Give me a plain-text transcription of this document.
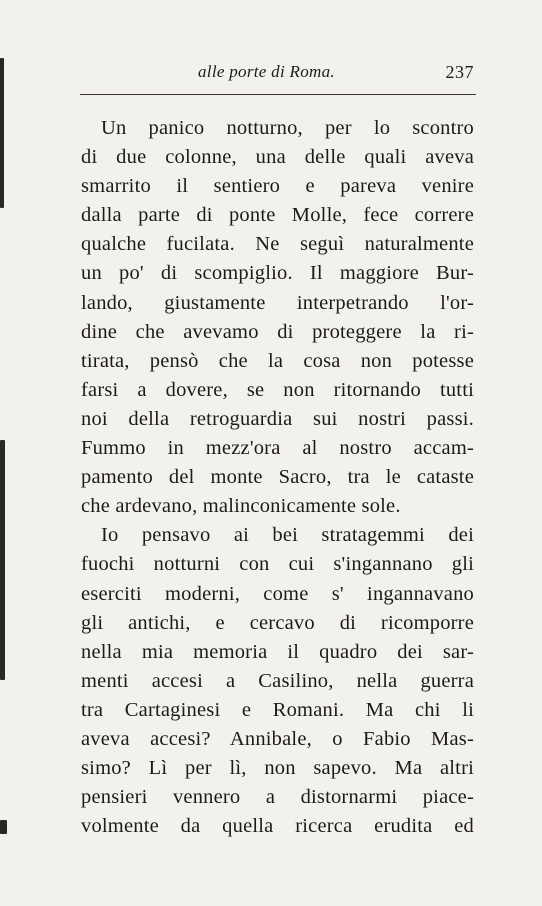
alle porte di Roma.	237
Un panico notturno, per lo scontro
di due colonne, una delle quali aveva
smarrito il sentiero e pareva venire
dalla parte di ponte Molle, fece correre
qualche fucilata. Ne seguì naturalmente
un po' di scompiglio. Il maggiore Bur-
lando, giustamente interpetrando l'or-
dine che avevamo di proteggere la ri-
tirata, pensò che la cosa non potesse
farsi a dovere, se non ritornando tutti
noi della retroguardia sui nostri passi.
Fummo in mezz'ora al nostro accam-
pamento del monte Sacro, tra le cataste
che ardevano, malinconicamente sole.
Io pensavo ai bei stratagemmi dei
fuochi notturni con cui s'ingannano gli
eserciti moderni, come s' ingannavano
gli antichi, e cercavo di ricomporre
nella mia memoria il quadro dei sar-
menti accesi a Casilino, nella guerra
tra Cartaginesi e Romani. Ma chi li
aveva accesi? Annibale, o Fabio Mas-
simo? Lì per lì, non sapevo. Ma altri
pensieri vennero a distornarmi piace-
volmente da quella ricerca erudita ed
